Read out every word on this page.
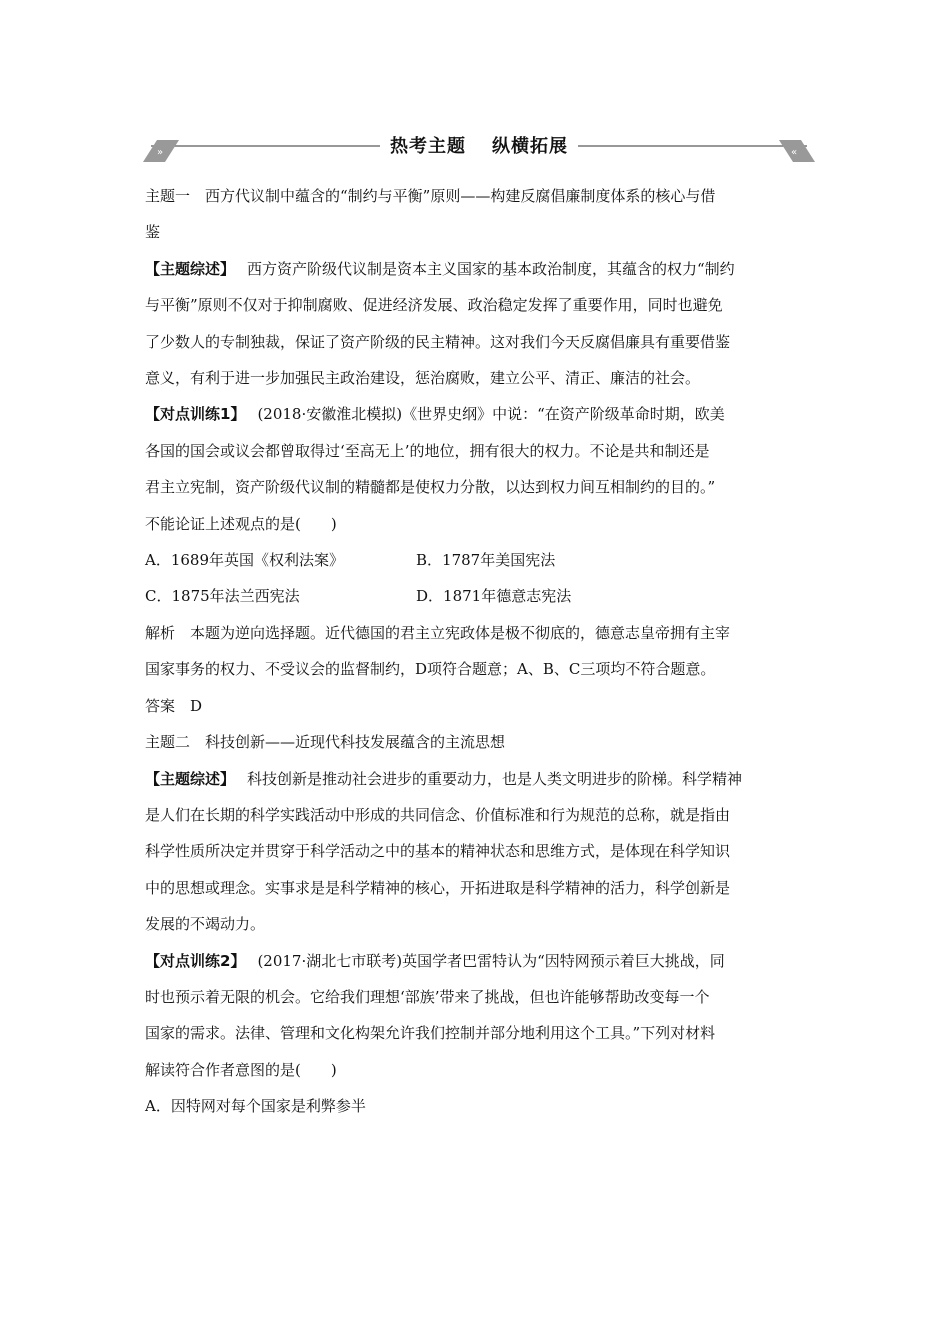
»	«
热考主题 纵横拓展
主题一　西方代议制中蕴含的“制约与平衡”原则——构建反腐倡廉制度体系的核心与借
鉴
【主题综述】 西方资产阶级代议制是资本主义国家的基本政治制度，其蕴含的权力“制约
与平衡”原则不仅对于抑制腐败、促进经济发展、政治稳定发挥了重要作用，同时也避免
了少数人的专制独裁，保证了资产阶级的民主精神。这对我们今天反腐倡廉具有重要借鉴
意义，有利于进一步加强民主政治建设，惩治腐败，建立公平、清正、廉洁的社会。
【对点训练1】 (2018·安徽淮北模拟)《世界史纲》中说：“在资产阶级革命时期，欧美
各国的国会或议会都曾取得过‘至高无上’的地位，拥有很大的权力。不论是共和制还是
君主立宪制，资产阶级代议制的精髓都是使权力分散，以达到权力间互相制约的目的。”
不能论证上述观点的是(　　)
A．1689年英国《权利法案》	B．1787年美国宪法
C．1875年法兰西宪法	D．1871年德意志宪法
解析　本题为逆向选择题。近代德国的君主立宪政体是极不彻底的，德意志皇帝拥有主宰
国家事务的权力、不受议会的监督制约，D项符合题意；A、B、C三项均不符合题意。
答案　D
主题二　科技创新——近现代科技发展蕴含的主流思想
【主题综述】 科技创新是推动社会进步的重要动力，也是人类文明进步的阶梯。科学精神
是人们在长期的科学实践活动中形成的共同信念、价值标准和行为规范的总称，就是指由
科学性质所决定并贯穿于科学活动之中的基本的精神状态和思维方式，是体现在科学知识
中的思想或理念。实事求是是科学精神的核心，开拓进取是科学精神的活力，科学创新是
发展的不竭动力。
【对点训练2】 (2017·湖北七市联考)英国学者巴雷特认为“因特网预示着巨大挑战，同
时也预示着无限的机会。它给我们理想‘部族’带来了挑战，但也许能够帮助改变每一个
国家的需求。法律、管理和文化构架允许我们控制并部分地利用这个工具。”下列对材料
解读符合作者意图的是(　　)
A．因特网对每个国家是利弊参半
